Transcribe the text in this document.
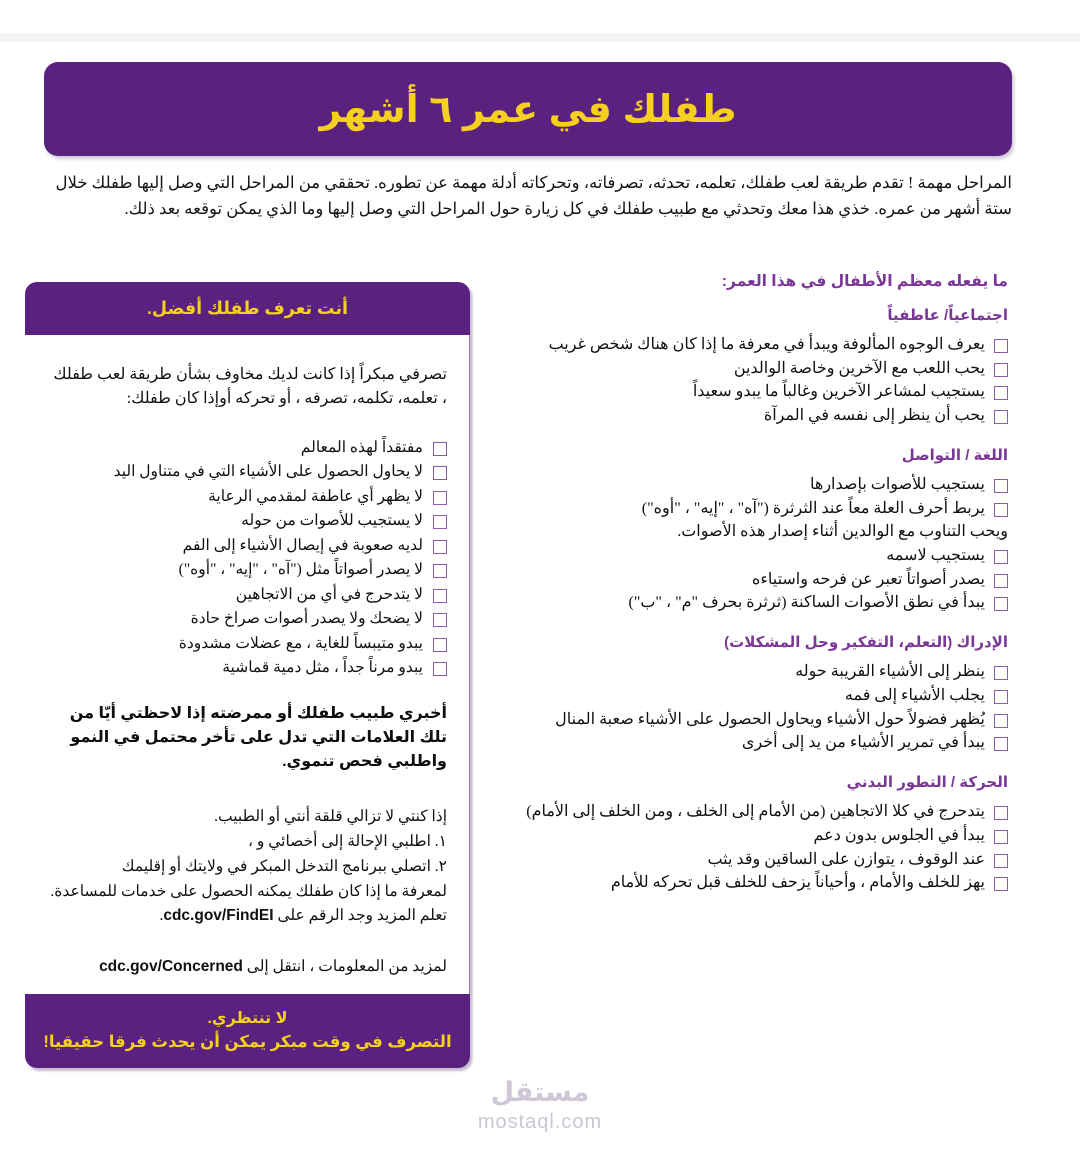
طفلك في عمر ٦ أشهر
المراحل مهمة ! تقدم طريقة لعب طفلك، تعلمه، تحدثه، تصرفاته، وتحركاته أدلة مهمة عن تطوره. تحققي من المراحل التي وصل إليها طفلك خلال ستة أشهر من عمره. خذي هذا معك وتحدثي مع طبيب طفلك في كل زيارة حول المراحل التي وصل إليها وما الذي يمكن توقعه بعد ذلك.
ما يفعله معظم الأطفال في هذا العمر:
اجتماعياً/ عاطفياً
يعرف الوجوه المألوفة ويبدأ في معرفة ما إذا كان هناك شخص غريب
يحب اللعب مع الآخرين وخاصة الوالدين
يستجيب لمشاعر الآخرين وغالباً ما يبدو سعيداً
يحب أن ينظر إلى نفسه في المرآة
اللغة / التواصل
يستجيب للأصوات بإصدارها
يربط أحرف العلة معاً عند الثرثرة ("آه" ، "إيه" ، "أوه")
ويحب التناوب مع الوالدين أثناء إصدار هذه الأصوات.
يستجيب لاسمه
يصدر أصواتاً تعبر عن فرحه واستياءه
يبدأ في نطق الأصوات الساكنة (ثرثرة بحرف "م" ، "ب")
الإدراك (التعلم، التفكير وحل المشكلات)
ينظر إلى الأشياء القريبة حوله
يجلب الأشياء إلى فمه
يُظهر فضولاً حول الأشياء ويحاول الحصول على الأشياء صعبة المنال
يبدأ في تمرير الأشياء من يد إلى أخرى
الحركة / التطور البدني
يتدحرج في كلا الاتجاهين (من الأمام إلى الخلف ، ومن الخلف إلى الأمام)
يبدأ في الجلوس بدون دعم
عند الوقوف ، يتوازن على الساقين وقد يثب
يهز للخلف والأمام ، وأحياناً يزحف للخلف قبل تحركه للأمام
أنت تعرف طفلك أفضل.

تصرفي مبكراً إذا كانت لديك مخاوف بشأن طريقة لعب طفلك ، تعلمه، تكلمه، تصرفه ، أو تحركه أوإذا كان طفلك:

مفتقداً لهذه المعالم
لا يحاول الحصول على الأشياء التي في متناول اليد
لا يظهر أي عاطفة لمقدمي الرعاية
لا يستجيب للأصوات من حوله
لديه صعوبة في إيصال الأشياء إلى الفم
لا يصدر أصواتاً مثل ("آه" ، "إيه" ، "أوه")
لا يتدحرج في أي من الاتجاهين
لا يضحك ولا يصدر أصوات صراخ حادة
يبدو متيبساً للغاية ، مع عضلات مشدودة
يبدو مرناً جداً ، مثل دمية قماشية

أخبري طبيب طفلك أو ممرضته إذا لاحظتي أيّا من تلك العلامات التي تدل على تأخر محتمل في النمو واطلبي فحص تنموي.

إذا كنتي لا تزالي قلقة أنتي أو الطبيب.

١. اطلبي الإحالة إلى أخصائي و ،

٢. اتصلي ببرنامج التدخل المبكر في ولايتك أو إقليمك

لمعرفة ما إذا كان طفلك يمكنه الحصول على خدمات للمساعدة. تعلم المزيد وجد الرقم على cdc.gov/FindEI.

لمزيد من المعلومات ، انتقل إلى cdc.gov/Concerned

لا تنتظري.
التصرف في وقت مبكر يمكن أن يحدث فرقا حقيقيا!
مستقل
mostaql.com
